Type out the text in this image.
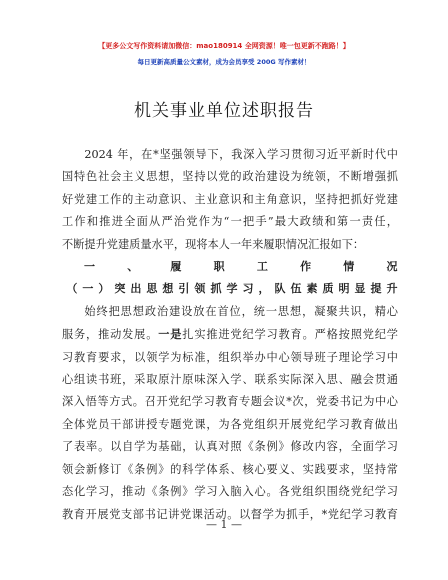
【更多公文写作资料请加微信：mao180914 全网资源！唯一包更新不跑路！】
每日更新高质量公文素材，成为会员享受 200G 写作素材！
机关事业单位述职报告

2024 年，在*坚强领导下，我深入学习贯彻习近平新时代中

国特色社会主义思想，坚持以党的政治建设为统领，不断增强抓
好党建工作的主动意识、主业意识和主角意识，坚持把抓好党建
工作和推进全面从严治党作为“一把手”最大政绩和第一责任，
不断提升党建质量水平，现将本人一年来履职情况汇报如下：

一、履职工作情况
（一）突出思想引领抓学习，队伍素质明显提升

始终把思想政治建设放在首位，统一思想，凝聚共识，精心

服务，推动发展。一是扎实推进党纪学习教育。严格按照党纪学
习教育要求，以领学为标准，组织举办中心领导班子理论学习中
心组读书班，采取原汁原味深入学、联系实际深入思、融会贯通
深入悟等方式。召开党纪学习教育专题会议*次，党委书记为中心
全体党员干部讲授专题党课，为各党组织开展党纪学习教育做出
了表率。以自学为基础，认真对照《条例》修改内容，全面学习
领会新修订《条例》的科学体系、核心要义、实践要求，坚持常
态化学习，推动《条例》学习入脑入心。各党组织围绕党纪学习
教育开展党支部书记讲党课活动。以督学为抓手，*党纪学习教育

— 1 —
